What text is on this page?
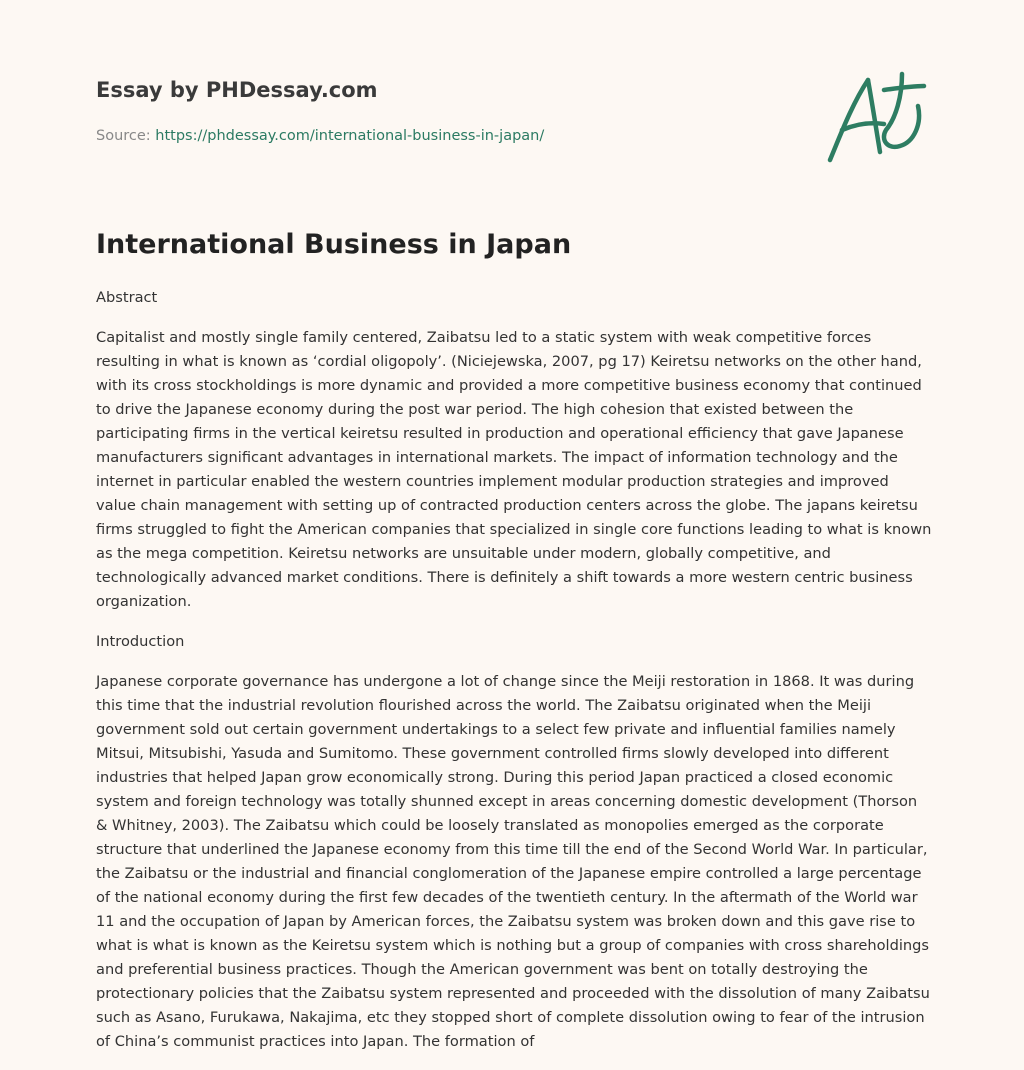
Essay by PHDessay.com
Source: https://phdessay.com/international-business-in-japan/
International Business in Japan
Abstract

Capitalist and mostly single family centered, Zaibatsu led to a static system with weak competitive forces resulting in what is known as ‘cordial oligopoly’. (Niciejewska, 2007, pg 17) Keiretsu networks on the other hand, with its cross stockholdings is more dynamic and provided a more competitive business economy that continued to drive the Japanese economy during the post war period. The high cohesion that existed between the participating firms in the vertical keiretsu resulted in production and operational efficiency that gave Japanese manufacturers significant advantages in international markets. The impact of information technology and the internet in particular enabled the western countries implement modular production strategies and improved value chain management with setting up of contracted production centers across the globe. The japans keiretsu firms struggled to fight the American companies that specialized in single core functions leading to what is known as the mega competition. Keiretsu networks are unsuitable under modern, globally competitive, and technologically advanced market conditions. There is definitely a shift towards a more western centric business organization.

Introduction

Japanese corporate governance has undergone a lot of change since the Meiji restoration in 1868. It was during this time that the industrial revolution flourished across the world. The Zaibatsu originated when the Meiji government sold out certain government undertakings to a select few private and influential families namely Mitsui, Mitsubishi, Yasuda and Sumitomo. These government controlled firms slowly developed into different industries that helped Japan grow economically strong. During this period Japan practiced a closed economic system and foreign technology was totally shunned except in areas concerning domestic development (Thorson & Whitney, 2003). The Zaibatsu which could be loosely translated as monopolies emerged as the corporate structure that underlined the Japanese economy from this time till the end of the Second World War. In particular, the Zaibatsu or the industrial and financial conglomeration of the Japanese empire controlled a large percentage of the national economy during the first few decades of the twentieth century. In the aftermath of the World war 11 and the occupation of Japan by American forces, the Zaibatsu system was broken down and this gave rise to what is what is known as the Keiretsu system which is nothing but a group of companies with cross shareholdings and preferential business practices. Though the American government was bent on totally destroying the protectionary policies that the Zaibatsu system represented and proceeded with the dissolution of many Zaibatsu such as Asano, Furukawa, Nakajima, etc they stopped short of complete dissolution owing to fear of the intrusion of China’s communist practices into Japan. The formation of
